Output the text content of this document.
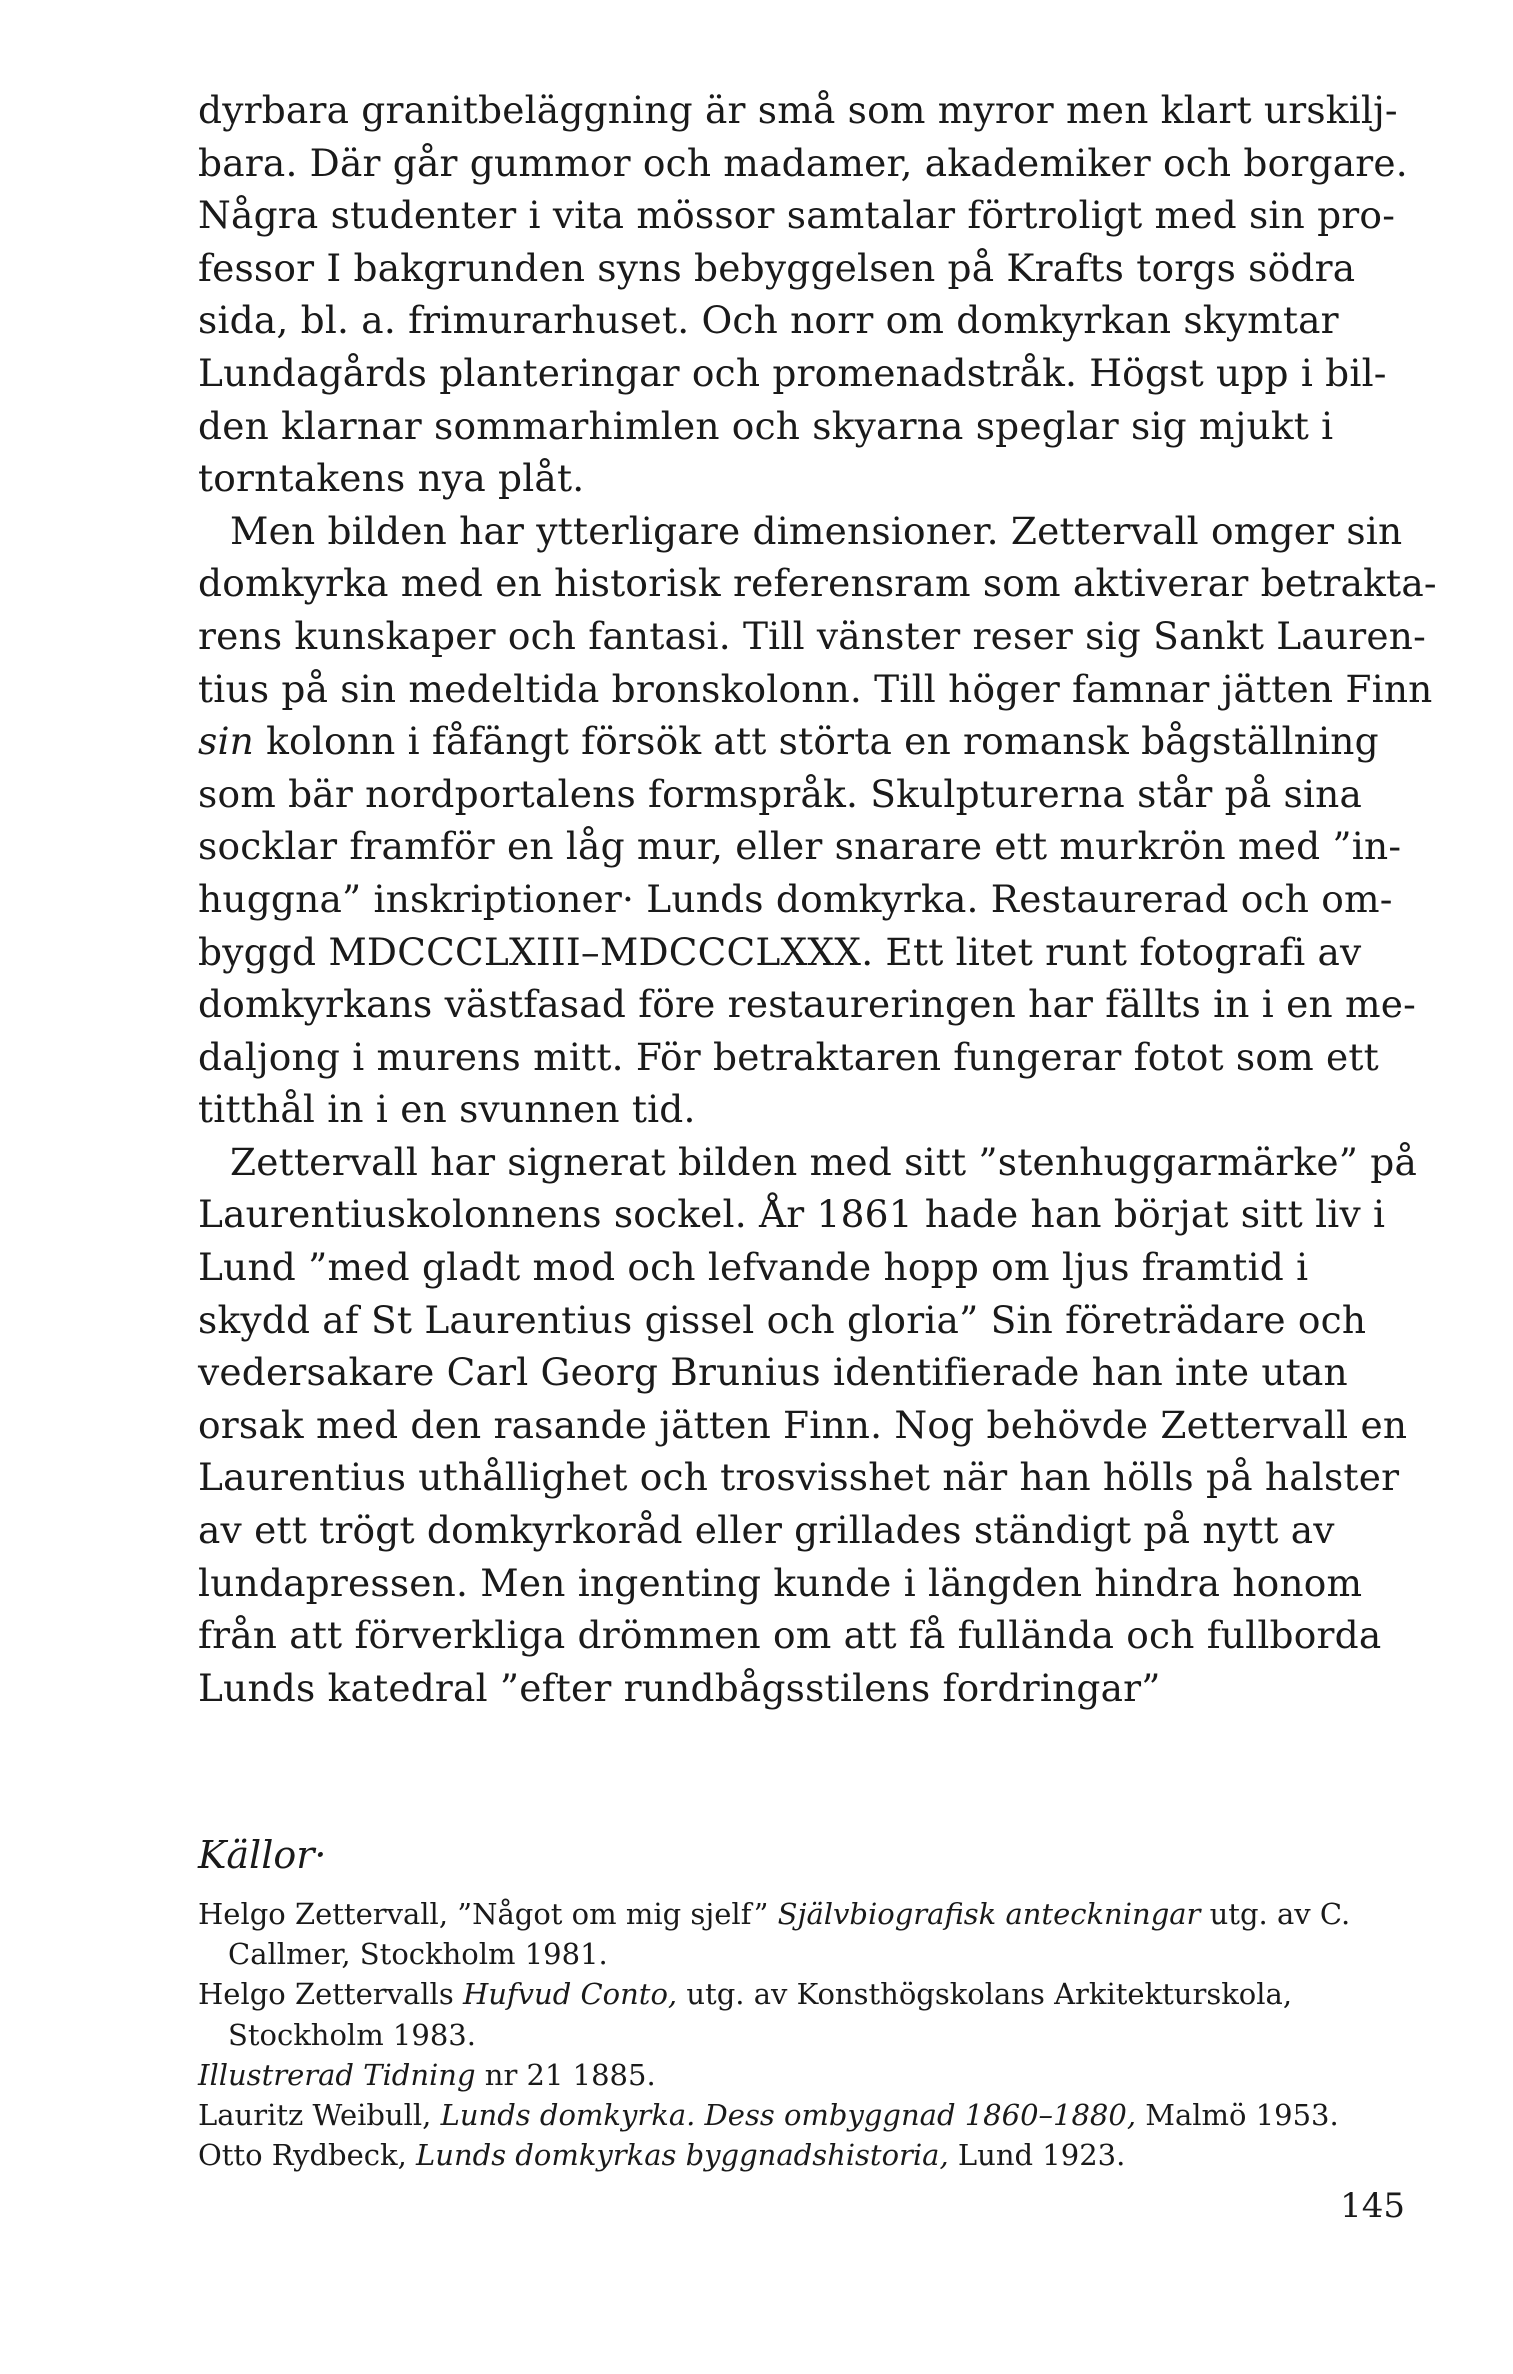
dyrbara granitbeläggning är små som myror men klart urskilj-
bara. Där går gummor och madamer, akademiker och borgare.
Några studenter i vita mössor samtalar förtroligt med sin pro-
fessor I bakgrunden syns bebyggelsen på Krafts torgs södra
sida, bl. a. frimurarhuset. Och norr om domkyrkan skymtar
Lundagårds planteringar och promenadstråk. Högst upp i bil-
den klarnar sommarhimlen och skyarna speglar sig mjukt i
torntakens nya plåt.
Men bilden har ytterligare dimensioner. Zettervall omger sin
domkyrka med en historisk referensram som aktiverar betrakta-
rens kunskaper och fantasi. Till vänster reser sig Sankt Lauren-
tius på sin medeltida bronskolonn. Till höger famnar jätten Finn
sin kolonn i fåfängt försök att störta en romansk bågställning
som bär nordportalens formspråk. Skulpturerna står på sina
socklar framför en låg mur, eller snarare ett murkrön med ”in-
huggna” inskriptioner· Lunds domkyrka. Restaurerad och om-
byggd MDCCCLXIII–MDCCCLXXX. Ett litet runt fotografi av
domkyrkans västfasad före restaureringen har fällts in i en me-
daljong i murens mitt. För betraktaren fungerar fotot som ett
titthål in i en svunnen tid.
Zettervall har signerat bilden med sitt ”stenhuggarmärke” på
Laurentiuskolonnens sockel. År 1861 hade han börjat sitt liv i
Lund ”med gladt mod och lefvande hopp om ljus framtid i
skydd af St Laurentius gissel och gloria” Sin företrädare och
vedersakare Carl Georg Brunius identifierade han inte utan
orsak med den rasande jätten Finn. Nog behövde Zettervall en
Laurentius uthållighet och trosvisshet när han hölls på halster
av ett trögt domkyrkoråd eller grillades ständigt på nytt av
lundapressen. Men ingenting kunde i längden hindra honom
från att förverkliga drömmen om att få fullända och fullborda
Lunds katedral ”efter rundbågsstilens fordringar”
Källor·
Helgo Zettervall, ”Något om mig sjelf” Självbiografisk anteckningar utg. av C.
Callmer, Stockholm 1981.
Helgo Zettervalls Hufvud Conto, utg. av Konsthögskolans Arkitekturskola,
Stockholm 1983.
Illustrerad Tidning nr 21 1885.
Lauritz Weibull, Lunds domkyrka. Dess ombyggnad 1860–1880, Malmö 1953.
Otto Rydbeck, Lunds domkyrkas byggnadshistoria, Lund 1923.
145
